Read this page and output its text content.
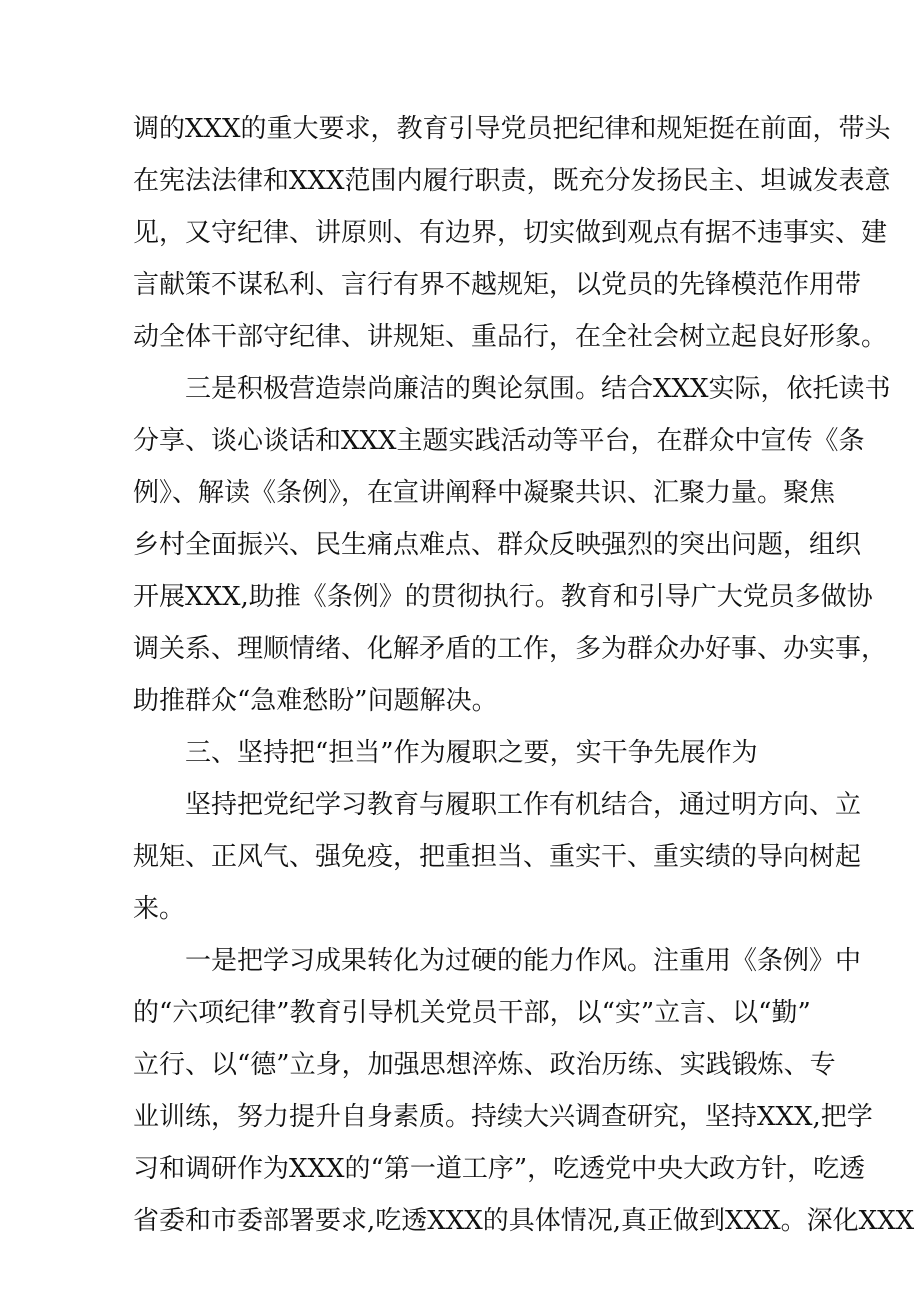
调的XXX的重大要求，教育引导党员把纪律和规矩挺在前面，带头
在宪法法律和XXX范围内履行职责，既充分发扬民主、坦诚发表意
见，又守纪律、讲原则、有边界，切实做到观点有据不违事实、建
言献策不谋私利、言行有界不越规矩，以党员的先锋模范作用带
动全体干部守纪律、讲规矩、重品行，在全社会树立起良好形象。
三是积极营造崇尚廉洁的舆论氛围。结合XXX实际，依托读书
分享、谈心谈话和XXX主题实践活动等平台，在群众中宣传《条
例》、解读《条例》，在宣讲阐释中凝聚共识、汇聚力量。聚焦
乡村全面振兴、民生痛点难点、群众反映强烈的突出问题，组织
开展XXX,助推《条例》的贯彻执行。教育和引导广大党员多做协
调关系、理顺情绪、化解矛盾的工作，多为群众办好事、办实事，
助推群众“急难愁盼”问题解决。
三、坚持把“担当”作为履职之要，实干争先展作为
坚持把党纪学习教育与履职工作有机结合，通过明方向、立
规矩、正风气、强免疫，把重担当、重实干、重实绩的导向树起
来。
一是把学习成果转化为过硬的能力作风。注重用《条例》中
的“六项纪律”教育引导机关党员干部，以“实”立言、以“勤”
立行、以“德”立身，加强思想淬炼、政治历练、实践锻炼、专
业训练，努力提升自身素质。持续大兴调查研究，坚持XXX,把学
习和调研作为XXX的“第一道工序”，吃透党中央大政方针，吃透
省委和市委部署要求,吃透XXX的具体情况,真正做到XXX。深化XXX
